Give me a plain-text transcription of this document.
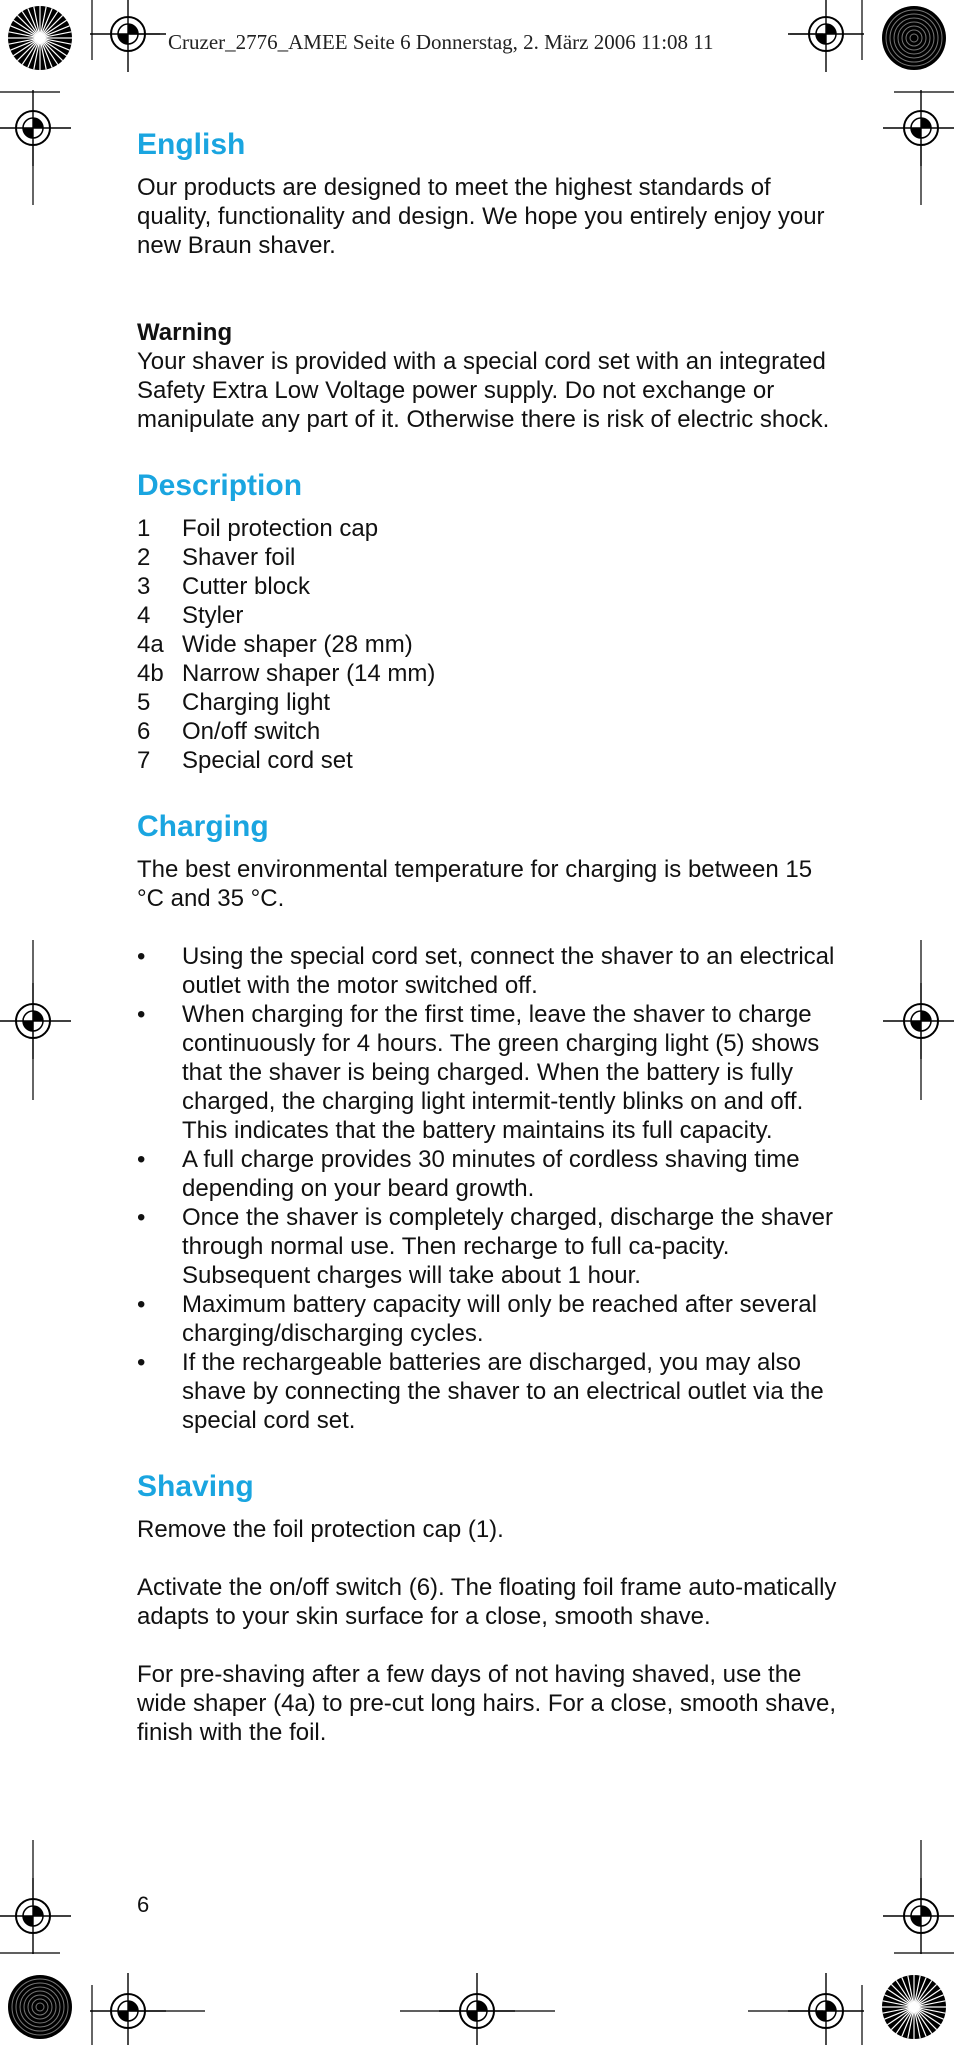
Cruzer_2776_AMEE Seite 6 Donnerstag, 2. März 2006 11:08 11
English

Our products are designed to meet the highest standards of quality, functionality and design. We hope you entirely enjoy your new Braun shaver.

Warning

Your shaver is provided with a special cord set with an integrated Safety Extra Low Voltage power supply. Do not exchange or manipulate any part of it. Otherwise there is risk of electric shock.

Description
1	Foil protection cap
2	Shaver foil
3	Cutter block
4	Styler
4a Wide shaper (28 mm)
4b Narrow shaper (14 mm)
5	Charging light
6	On/off switch
7	Special cord set
Charging

The best environmental temperature for charging is between 15 °C and 35 °C.

•	Using the special cord set, connect the shaver to an electrical outlet with the motor switched off.
•	When charging for the first time, leave the shaver to charge continuously for 4 hours. The green charging light (5) shows that the shaver is being charged. When the battery is fully charged, the charging light intermit-tently blinks on and off. This indicates that the battery maintains its full capacity.
•	A full charge provides 30 minutes of cordless shaving time depending on your beard growth.
•	Once the shaver is completely charged, discharge the shaver through normal use. Then recharge to full ca-pacity. Subsequent charges will take about 1 hour.
•	Maximum battery capacity will only be reached after several charging/discharging cycles.
•	If the rechargeable batteries are discharged, you may also shave by connecting the shaver to an electrical outlet via the special cord set.
Shaving

Remove the foil protection cap (1).

Activate the on/off switch (6). The floating foil frame auto-matically adapts to your skin surface for a close, smooth shave.

For pre-shaving after a few days of not having shaved, use the wide shaper (4a) to pre-cut long hairs. For a close, smooth shave, finish with the foil.

6
